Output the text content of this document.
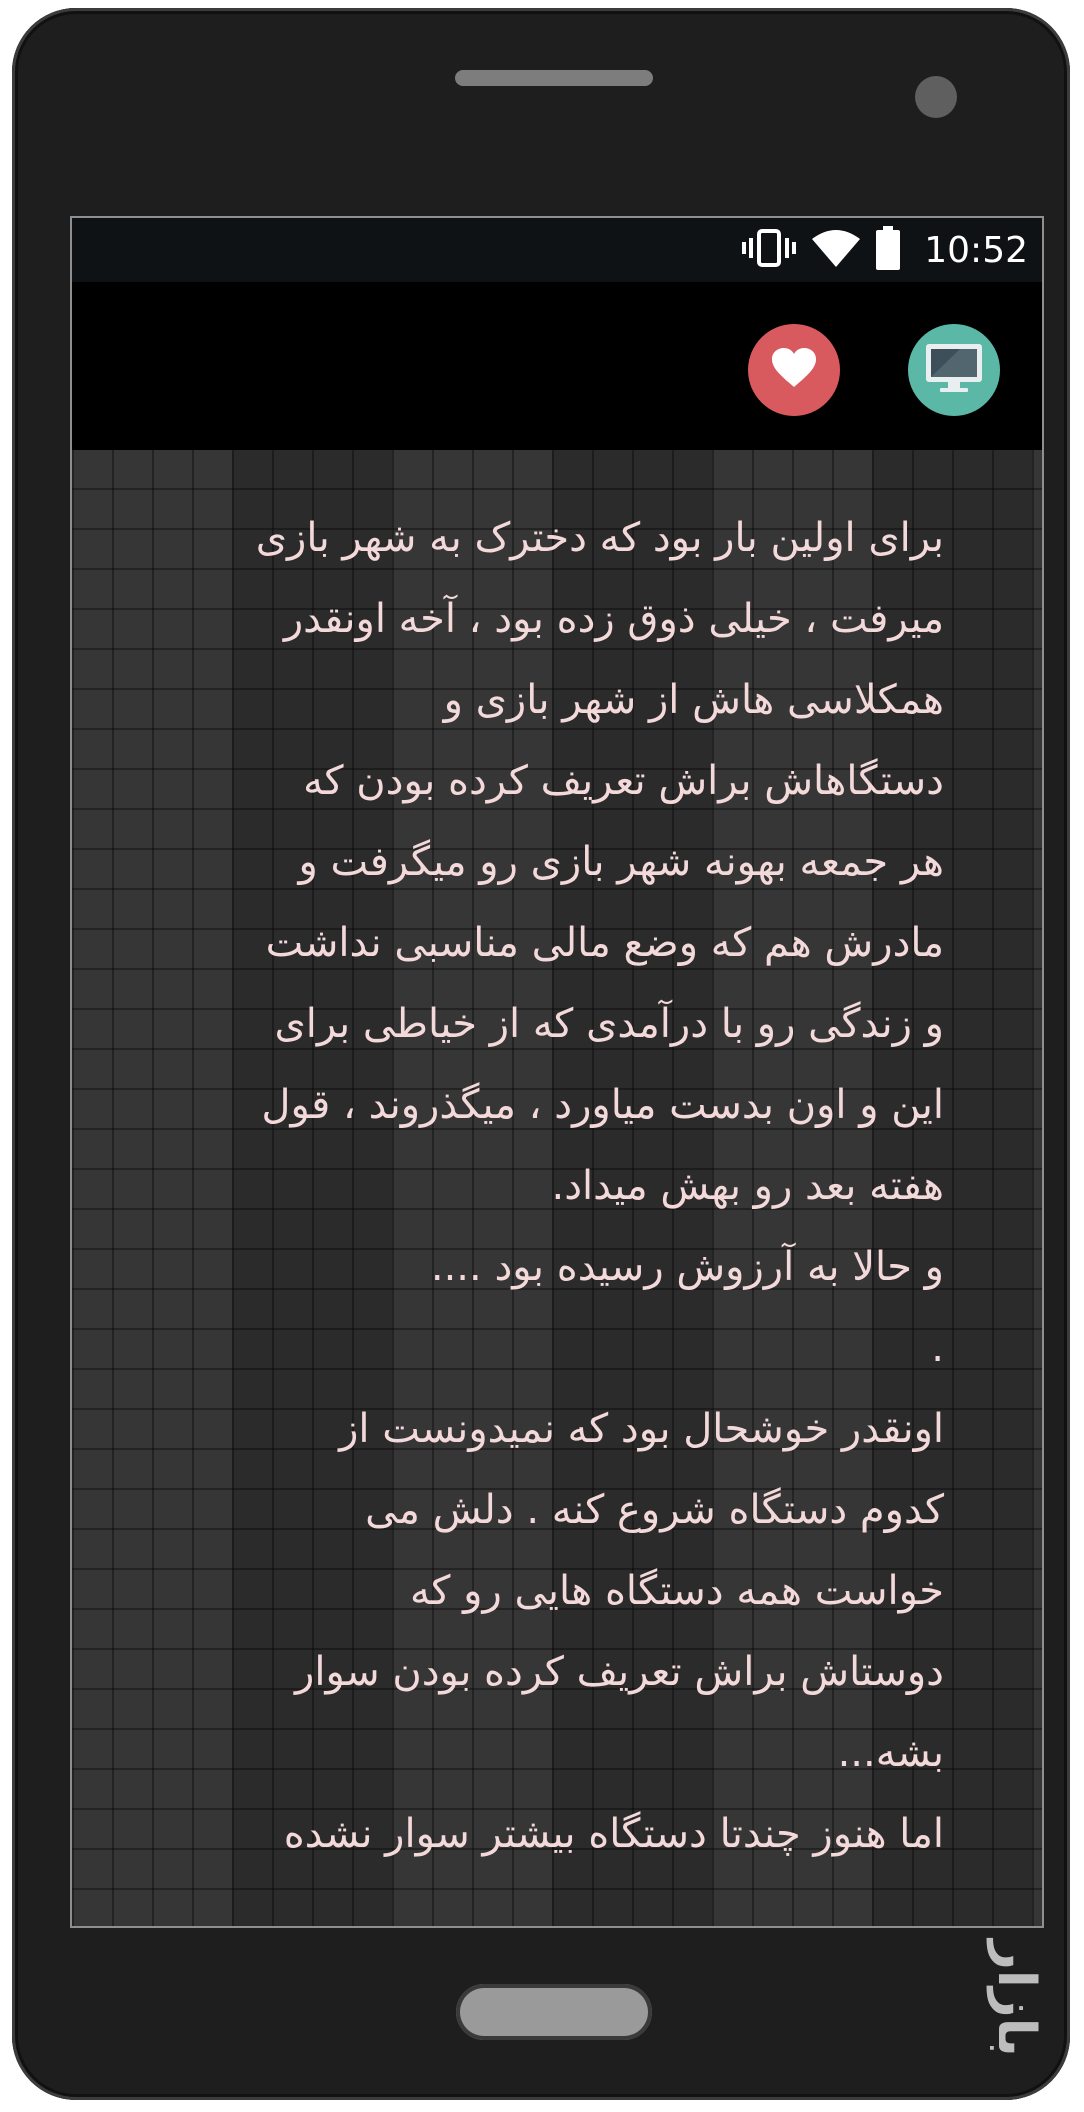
10:52
برای اولین بار بود که دخترک به شهر بازی
میرفت ، خیلی ذوق زده بود ، آخه اونقدر
همکلاسی هاش از شهر بازی و
دستگاهاش براش تعریف کرده بودن که
هر جمعه بهونه شهر بازی رو میگرفت و
مادرش هم که وضع مالی مناسبی نداشت
و زندگی رو با درآمدی که از خیاطی برای
این و اون بدست میاورد ، میگذروند ، قول
هفته بعد رو بهش میداد.
و حالا به آرزوش رسیده بود ....
.
اونقدر خوشحال بود که نمیدونست از
کدوم دستگاه شروع کنه . دلش می
خواست همه دستگاه هایی رو که
دوستاش براش تعریف کرده بودن سوار
بشه...
اما هنوز چندتا دستگاه بیشتر سوار نشده
بازار
